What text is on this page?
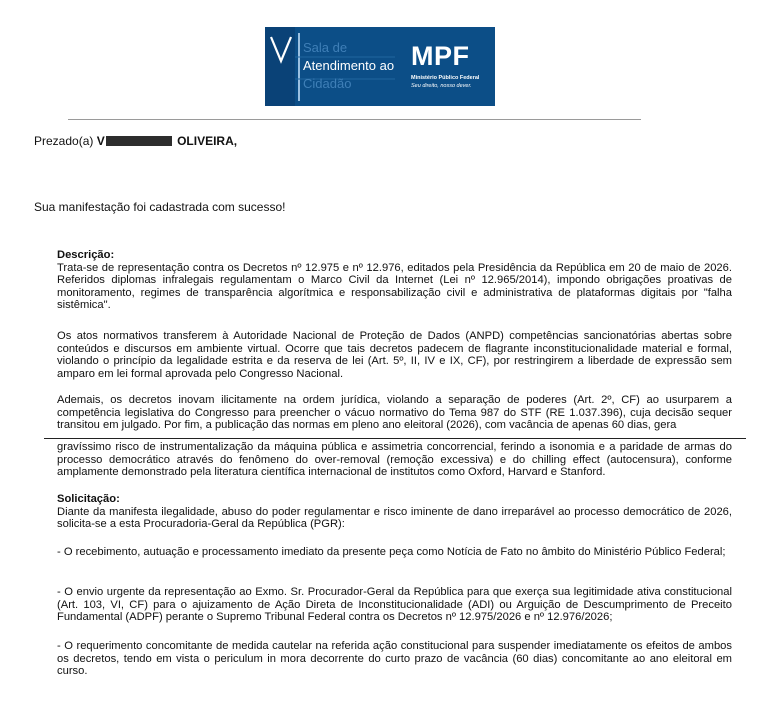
Sala de
Atendimento ao
Cidadão
MPF
Ministério Público Federal
Seu direito, nosso dever.
Prezado(a) V	OLIVEIRA,
Sua manifestação foi cadastrada com sucesso!
Descrição:
Trata-se de representação contra os Decretos nº 12.975 e nº 12.976, editados pela Presidência da República em 20 de maio de 2026. Referidos diplomas infralegais regulamentam o Marco Civil da Internet (Lei nº 12.965/2014), impondo obrigações proativas de monitoramento, regimes de transparência algorítmica e responsabilização civil e administrativa de plataformas digitais por "falha sistêmica".
Os atos normativos transferem à Autoridade Nacional de Proteção de Dados (ANPD) competências sancionatórias abertas sobre conteúdos e discursos em ambiente virtual. Ocorre que tais decretos padecem de flagrante inconstitucionalidade material e formal, violando o princípio da legalidade estrita e da reserva de lei (Art. 5º, II, IV e IX, CF), por restringirem a liberdade de expressão sem amparo em lei formal aprovada pelo Congresso Nacional.
Ademais, os decretos inovam ilicitamente na ordem jurídica, violando a separação de poderes (Art. 2º, CF) ao usurparem a competência legislativa do Congresso para preencher o vácuo normativo do Tema 987 do STF (RE 1.037.396), cuja decisão sequer transitou em julgado. Por fim, a publicação das normas em pleno ano eleitoral (2026), com vacância de apenas 60 dias, gera
gravíssimo risco de instrumentalização da máquina pública e assimetria concorrencial, ferindo a isonomia e a paridade de armas do processo democrático através do fenômeno do over-removal (remoção excessiva) e do chilling effect (autocensura), conforme amplamente demonstrado pela literatura científica internacional de institutos como Oxford, Harvard e Stanford.
Solicitação:
Diante da manifesta ilegalidade, abuso do poder regulamentar e risco iminente de dano irreparável ao processo democrático de 2026, solicita-se a esta Procuradoria-Geral da República (PGR):
- O recebimento, autuação e processamento imediato da presente peça como Notícia de Fato no âmbito do Ministério Público Federal;
- O envio urgente da representação ao Exmo. Sr. Procurador-Geral da República para que exerça sua legitimidade ativa constitucional (Art. 103, VI, CF) para o ajuizamento de Ação Direta de Inconstitucionalidade (ADI) ou Arguição de Descumprimento de Preceito Fundamental (ADPF) perante o Supremo Tribunal Federal contra os Decretos nº 12.975/2026 e nº 12.976/2026;
- O requerimento concomitante de medida cautelar na referida ação constitucional para suspender imediatamente os efeitos de ambos os decretos, tendo em vista o periculum in mora decorrente do curto prazo de vacância (60 dias) concomitante ao ano eleitoral em curso.
